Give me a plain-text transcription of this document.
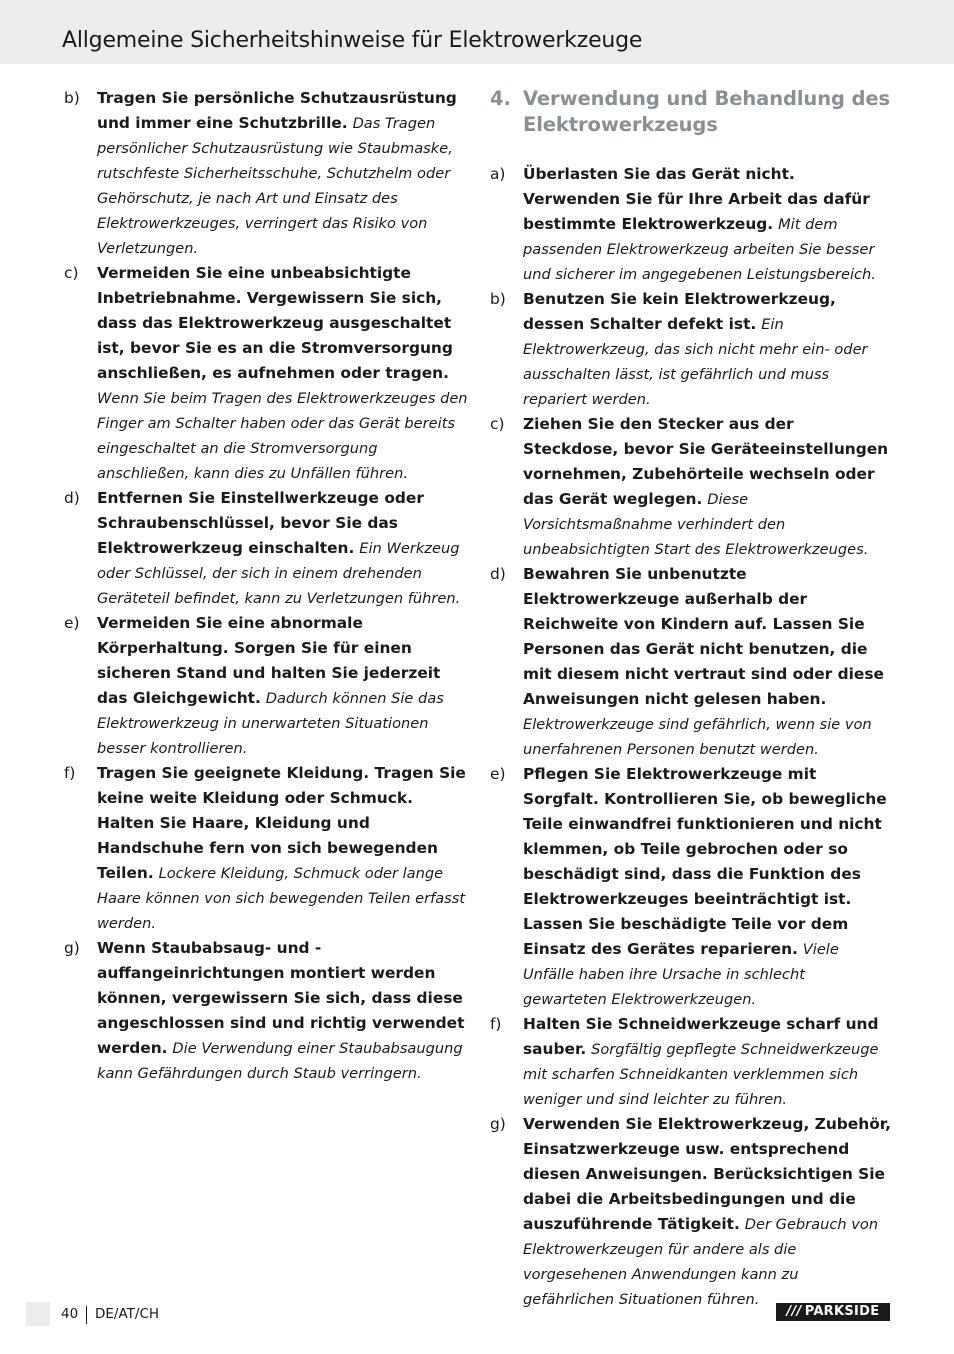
Allgemeine Sicherheitshinweise für Elektrowerkzeuge
b) Tragen Sie persönliche Schutzausrüstung und immer eine Schutzbrille. Das Tragen persönlicher Schutzausrüstung wie Staubmaske, rutschfeste Sicherheitsschuhe, Schutzhelm oder Gehörschutz, je nach Art und Einsatz des Elektrowerkzeuges, verringert das Risiko von Verletzungen.
c) Vermeiden Sie eine unbeabsichtigte Inbetriebnahme. Vergewissern Sie sich, dass das Elektrowerkzeug ausgeschaltet ist, bevor Sie es an die Stromversorgung anschließen, es aufnehmen oder tragen. Wenn Sie beim Tragen des Elektrowerkzeuges den Finger am Schalter haben oder das Gerät bereits eingeschaltet an die Stromversorgung anschließen, kann dies zu Unfällen führen.
d) Entfernen Sie Einstellwerkzeuge oder Schraubenschlüssel, bevor Sie das Elektrowerkzeug einschalten. Ein Werkzeug oder Schlüssel, der sich in einem drehenden Geräteteil befindet, kann zu Verletzungen führen.
e) Vermeiden Sie eine abnormale Körperhaltung. Sorgen Sie für einen sicheren Stand und halten Sie jederzeit das Gleichgewicht. Dadurch können Sie das Elektrowerkzeug in unerwarteten Situationen besser kontrollieren.
f) Tragen Sie geeignete Kleidung. Tragen Sie keine weite Kleidung oder Schmuck. Halten Sie Haare, Kleidung und Handschuhe fern von sich bewegenden Teilen. Lockere Kleidung, Schmuck oder lange Haare können von sich bewegenden Teilen erfasst werden.
g) Wenn Staubabsaug- und -auffangeinrichtungen montiert werden können, vergewissern Sie sich, dass diese angeschlossen sind und richtig verwendet werden. Die Verwendung einer Staubabsaugung kann Gefährdungen durch Staub verringern.
4. Verwendung und Behandlung des Elektrowerkzeugs
a) Überlasten Sie das Gerät nicht. Verwenden Sie für Ihre Arbeit das dafür bestimmte Elektrowerkzeug. Mit dem passenden Elektrowerkzeug arbeiten Sie besser und sicherer im angegebenen Leistungsbereich.
b) Benutzen Sie kein Elektrowerkzeug, dessen Schalter defekt ist. Ein Elektrowerkzeug, das sich nicht mehr ein- oder ausschalten lässt, ist gefährlich und muss repariert werden.
c) Ziehen Sie den Stecker aus der Steckdose, bevor Sie Geräteeinstellungen vornehmen, Zubehörteile wechseln oder das Gerät weglegen. Diese Vorsichtsmaßnahme verhindert den unbeabsichtigten Start des Elektrowerkzeuges.
d) Bewahren Sie unbenutzte Elektrowerkzeuge außerhalb der Reichweite von Kindern auf. Lassen Sie Personen das Gerät nicht benutzen, die mit diesem nicht vertraut sind oder diese Anweisungen nicht gelesen haben. Elektrowerkzeuge sind gefährlich, wenn sie von unerfahrenen Personen benutzt werden.
e) Pflegen Sie Elektrowerkzeuge mit Sorgfalt. Kontrollieren Sie, ob bewegliche Teile einwandfrei funktionieren und nicht klemmen, ob Teile gebrochen oder so beschädigt sind, dass die Funktion des Elektrowerkzeuges beeinträchtigt ist. Lassen Sie beschädigte Teile vor dem Einsatz des Gerätes reparieren. Viele Unfälle haben ihre Ursache in schlecht gewarteten Elektrowerkzeugen.
f) Halten Sie Schneidwerkzeuge scharf und sauber. Sorgfältig gepflegte Schneidwerkzeuge mit scharfen Schneidkanten verklemmen sich weniger und sind leichter zu führen.
g) Verwenden Sie Elektrowerkzeug, Zubehör, Einsatzwerkzeuge usw. entsprechend diesen Anweisungen. Berücksichtigen Sie dabei die Arbeitsbedingungen und die auszuführende Tätigkeit. Der Gebrauch von Elektrowerkzeugen für andere als die vorgesehenen Anwendungen kann zu gefährlichen Situationen führen.
40 DE/AT/CH	/// PARKSIDE
